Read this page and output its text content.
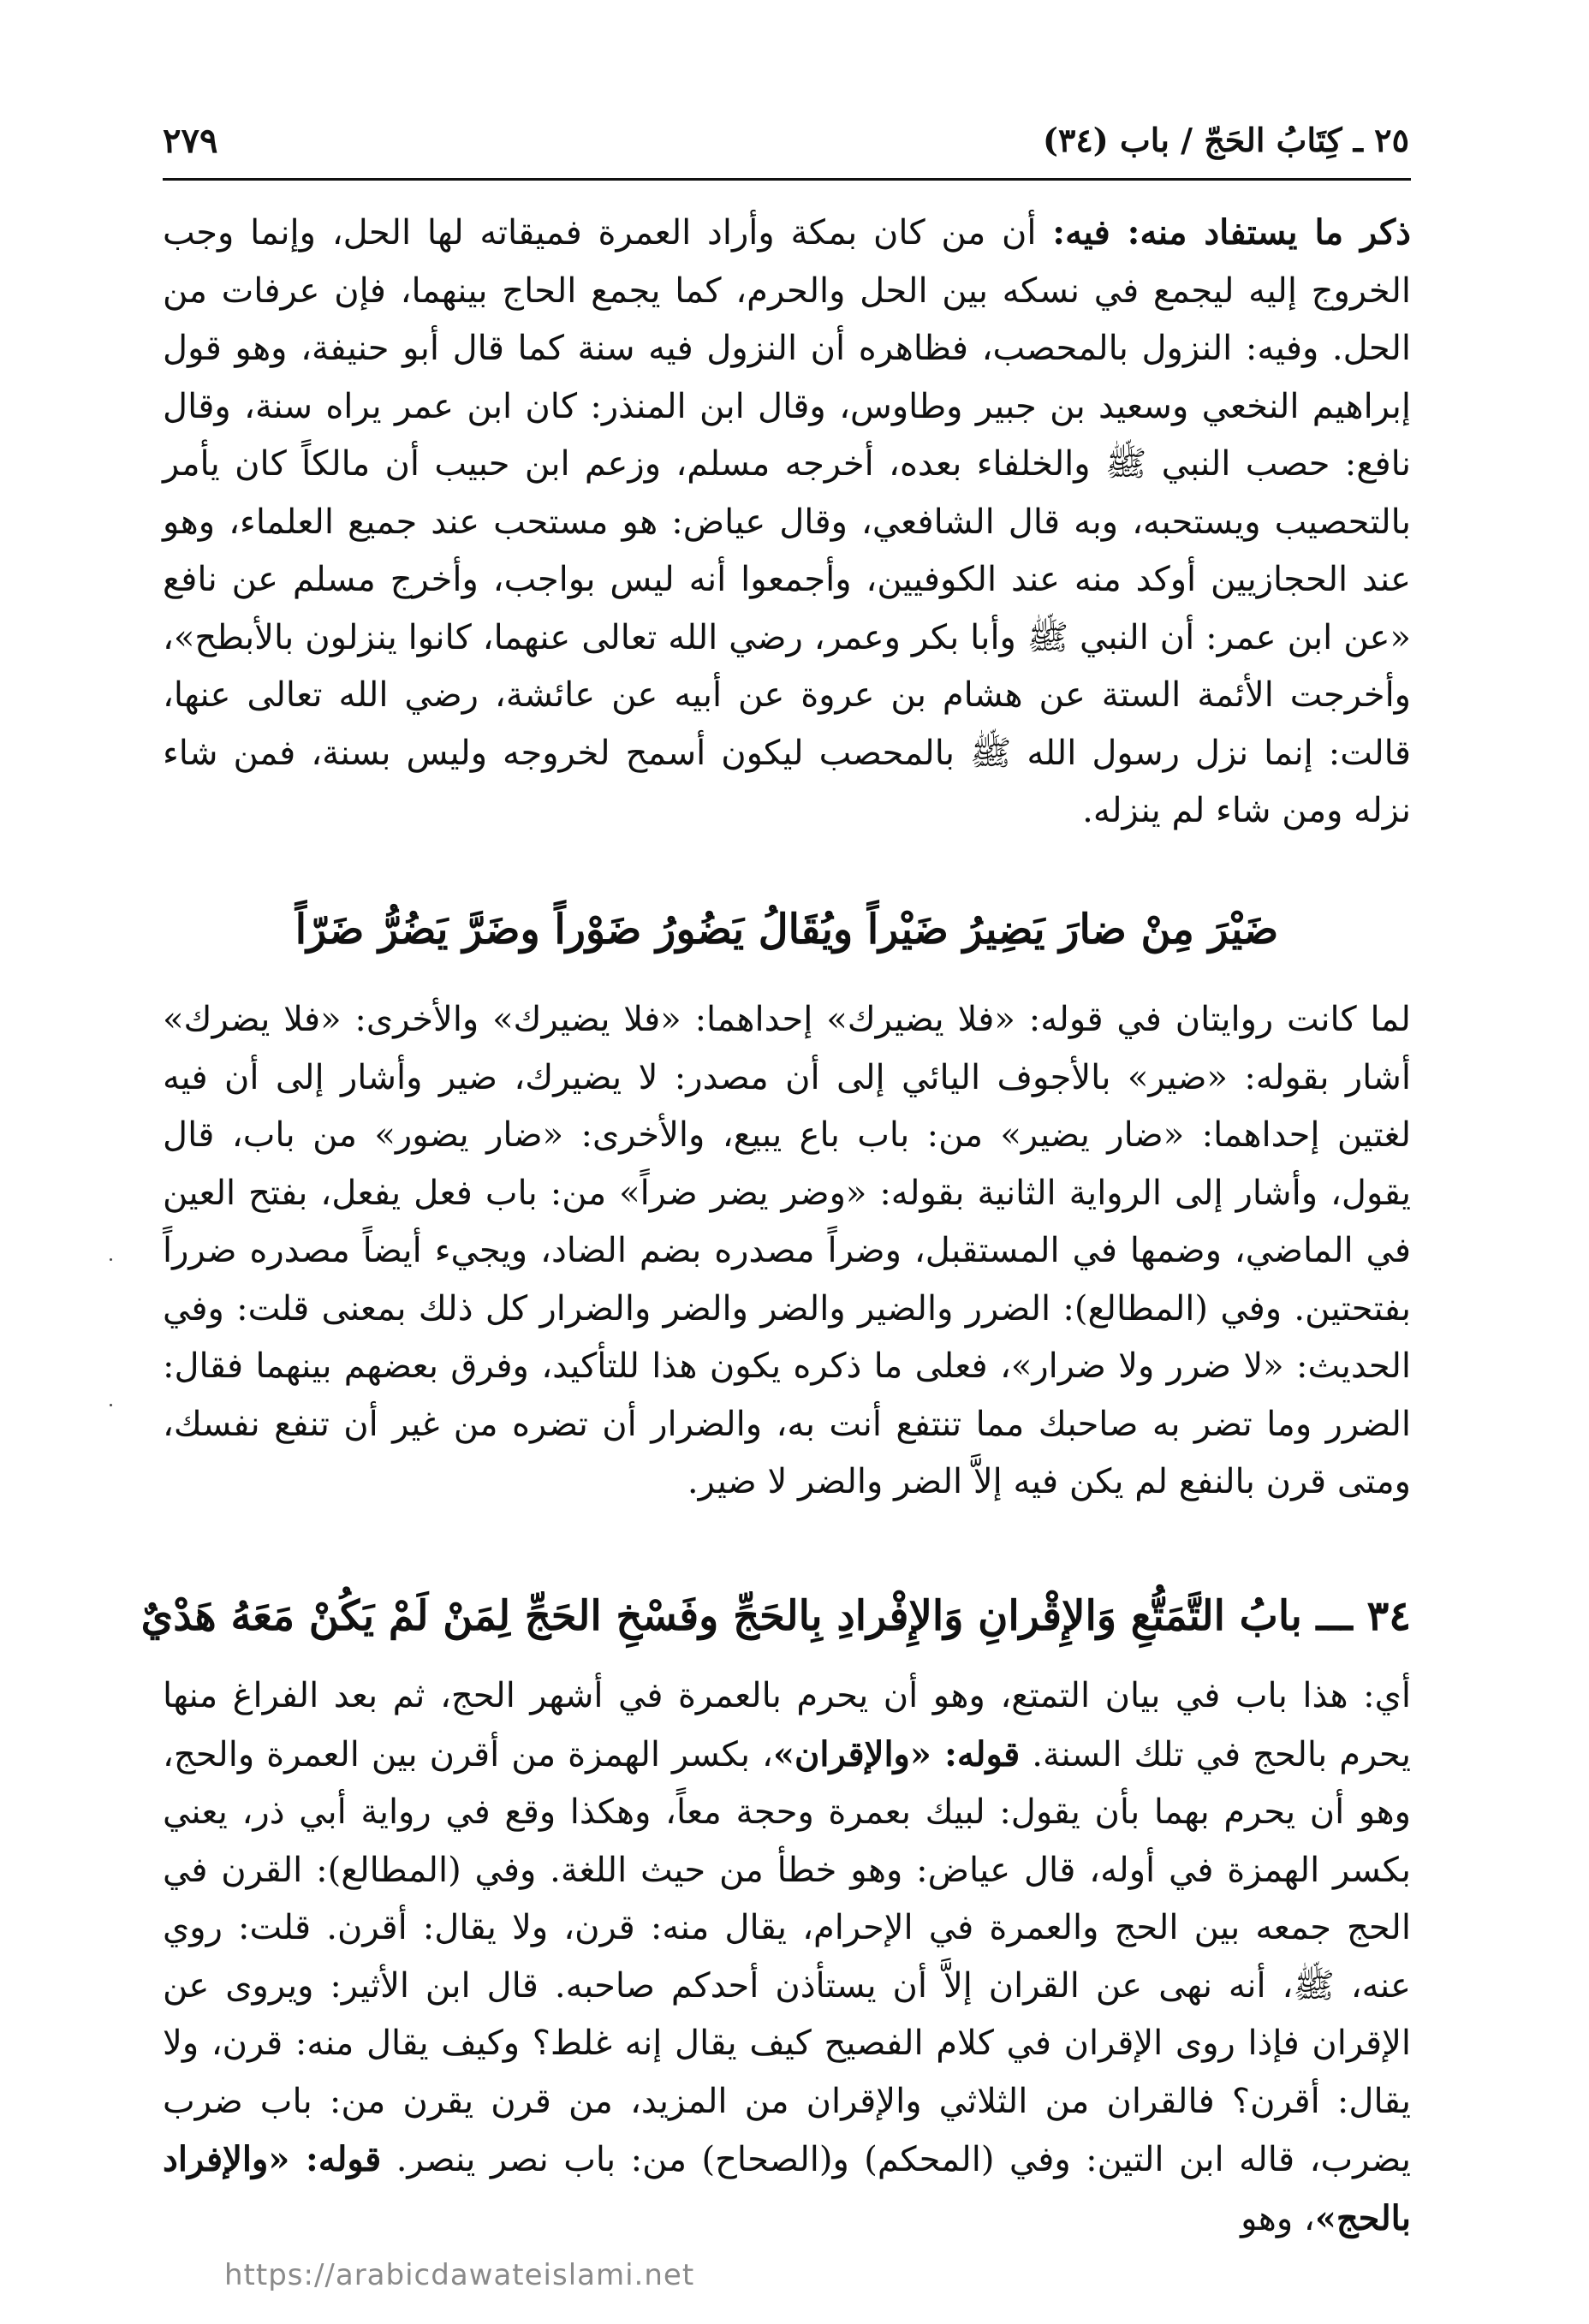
٢٥ ـ كِتَابُ الحَجّ / باب (٣٤)
٢٧٩

ذكر ما يستفاد منه: فيه: أن من كان بمكة وأراد العمرة فميقاته لها الحل، وإنما وجب الخروج إليه ليجمع في نسكه بين الحل والحرم، كما يجمع الحاج بينهما، فإن عرفات من الحل. وفيه: النزول بالمحصب، فظاهره أن النزول فيه سنة كما قال أبو حنيفة، وهو قول إبراهيم النخعي وسعيد بن جبير وطاوس، وقال ابن المنذر: كان ابن عمر يراه سنة، وقال نافع: حصب النبي ﷺ والخلفاء بعده، أخرجه مسلم، وزعم ابن حبيب أن مالكاً كان يأمر بالتحصيب ويستحبه، وبه قال الشافعي، وقال عياض: هو مستحب عند جميع العلماء، وهو عند الحجازيين أوكد منه عند الكوفيين، وأجمعوا أنه ليس بواجب، وأخرج مسلم عن نافع «عن ابن عمر: أن النبي ﷺ وأبا بكر وعمر، رضي الله تعالى عنهما، كانوا ينزلون بالأبطح»، وأخرجت الأئمة الستة عن هشام بن عروة عن أبيه عن عائشة، رضي الله تعالى عنها، قالت: إنما نزل رسول الله ﷺ بالمحصب ليكون أسمح لخروجه وليس بسنة، فمن شاء نزله ومن شاء لم ينزله.

ضَيْرَ مِنْ ضارَ يَضِيرُ ضَيْراً ويُقَالُ يَضُورُ ضَوْراً وضَرَّ يَضُرُّ ضَرّاً

لما كانت روايتان في قوله: «فلا يضيرك» إحداهما: «فلا يضيرك» والأخرى: «فلا يضرك» أشار بقوله: «ضير» بالأجوف اليائي إلى أن مصدر: لا يضيرك، ضير وأشار إلى أن فيه لغتين إحداهما: «ضار يضير» من: باب باع يبيع، والأخرى: «ضار يضور» من باب، قال يقول، وأشار إلى الرواية الثانية بقوله: «وضر يضر ضراً» من: باب فعل يفعل، بفتح العين في الماضي، وضمها في المستقبل، وضراً مصدره بضم الضاد، ويجيء أيضاً مصدره ضرراً بفتحتين. وفي (المطالع): الضرر والضير والضر والضر والضرار كل ذلك بمعنى قلت: وفي الحديث: «لا ضرر ولا ضرار»، فعلى ما ذكره يكون هذا للتأكيد، وفرق بعضهم بينهما فقال: الضرر وما تضر به صاحبك مما تنتفع أنت به، والضرار أن تضره من غير أن تنفع نفسك، ومتى قرن بالنفع لم يكن فيه إلاَّ الضر والضر لا ضير.

٣٤ ـــ بابُ التَّمَتُّعِ وَالإِقْرانِ وَالإِفْرادِ بِالحَجِّ وفَسْخِ الحَجِّ لِمَنْ لَمْ يَكُنْ مَعَهُ هَدْيٌ

أي: هذا باب في بيان التمتع، وهو أن يحرم بالعمرة في أشهر الحج، ثم بعد الفراغ منها يحرم بالحج في تلك السنة. قوله: «والإقران»، بكسر الهمزة من أقرن بين العمرة والحج، وهو أن يحرم بهما بأن يقول: لبيك بعمرة وحجة معاً، وهكذا وقع في رواية أبي ذر، يعني بكسر الهمزة في أوله، قال عياض: وهو خطأ من حيث اللغة. وفي (المطالع): القرن في الحج جمعه بين الحج والعمرة في الإحرام، يقال منه: قرن، ولا يقال: أقرن. قلت: روي عنه، ﷺ، أنه نهى عن القران إلاَّ أن يستأذن أحدكم صاحبه. قال ابن الأثير: ويروى عن الإقران فإذا روى الإقران في كلام الفصيح كيف يقال إنه غلط؟ وكيف يقال منه: قرن، ولا يقال: أقرن؟ فالقران من الثلاثي والإقران من المزيد، من قرن يقرن من: باب ضرب يضرب، قاله ابن التين: وفي (المحكم) و(الصحاح) من: باب نصر ينصر. قوله: «والإفراد بالحج»، وهو

https://arabicdawateislami.net
